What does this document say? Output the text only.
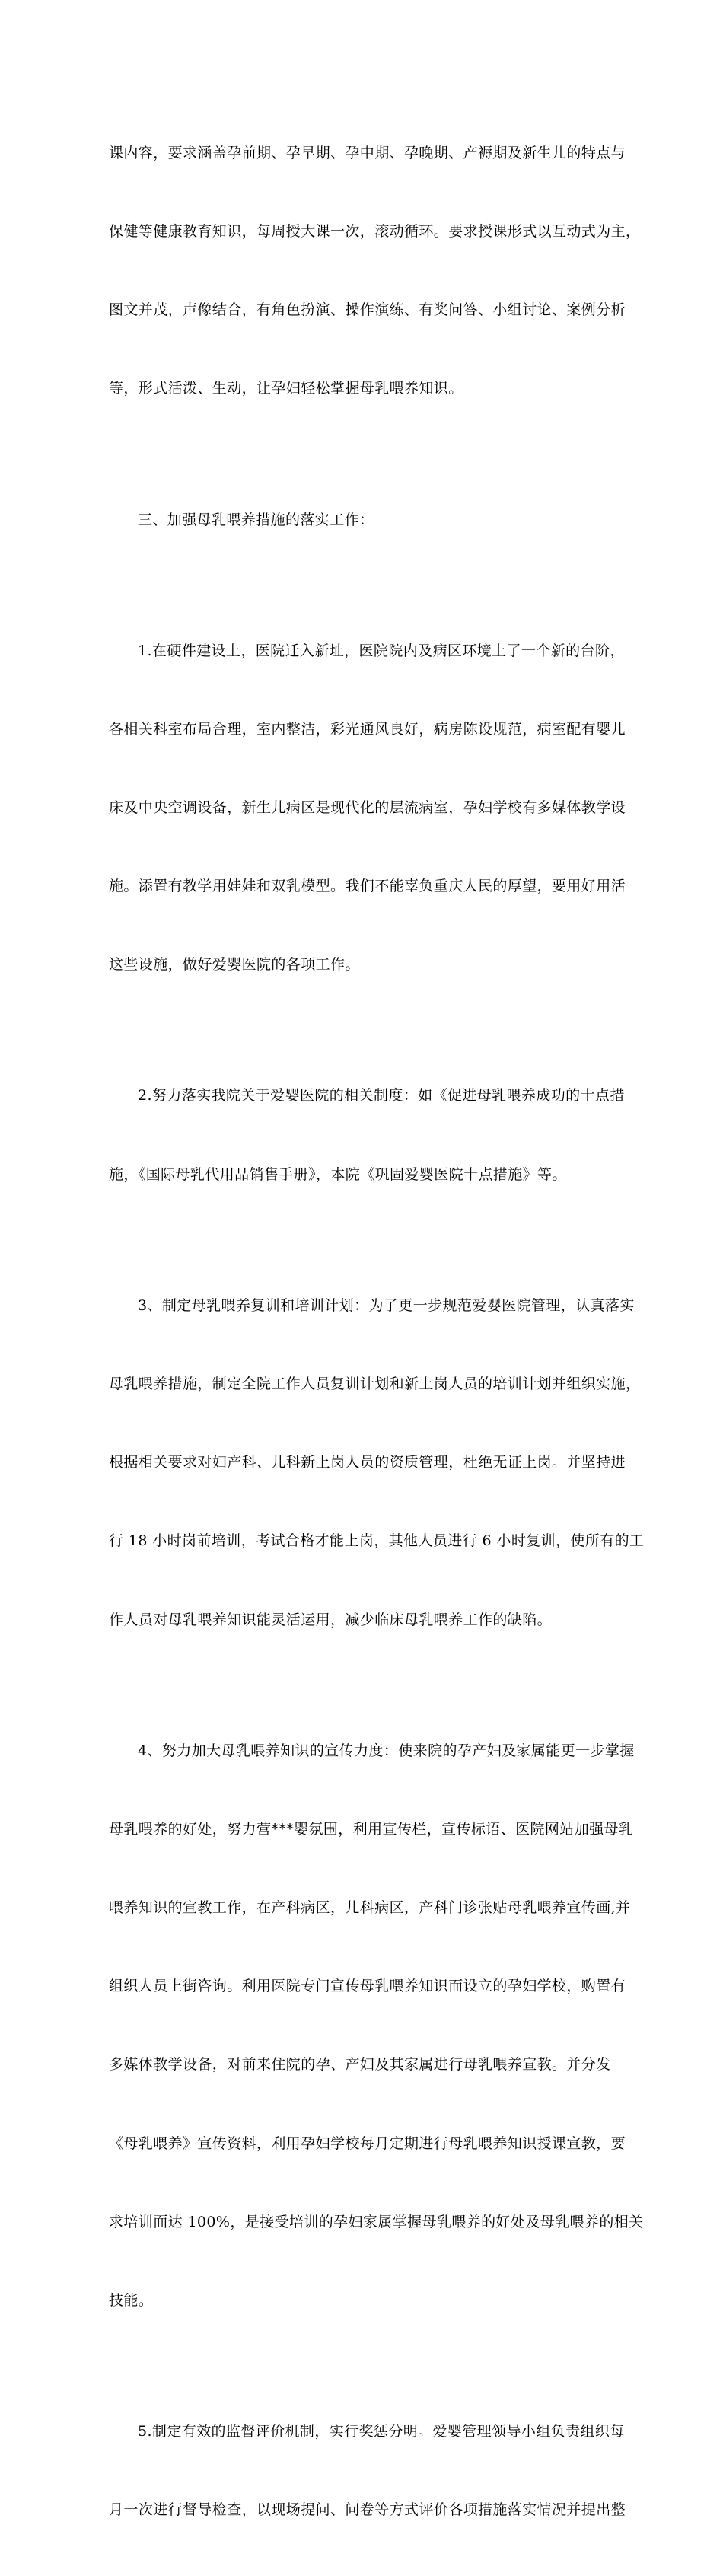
课内容，要求涵盖孕前期、孕早期、孕中期、孕晚期、产褥期及新生儿的特点与

保健等健康教育知识，每周授大课一次，滚动循环。要求授课形式以互动式为主，

图文并茂，声像结合，有角色扮演、操作演练、有奖问答、小组讨论、案例分析

等，形式活泼、生动，让孕妇轻松掌握母乳喂养知识。

三、加强母乳喂养措施的落实工作：

1.在硬件建设上，医院迁入新址，医院院内及病区环境上了一个新的台阶，

各相关科室布局合理，室内整洁，彩光通风良好，病房陈设规范，病室配有婴儿

床及中央空调设备，新生儿病区是现代化的层流病室，孕妇学校有多媒体教学设

施。添置有教学用娃娃和双乳模型。我们不能辜负重庆人民的厚望，要用好用活

这些设施，做好爱婴医院的各项工作。

2.努力落实我院关于爱婴医院的相关制度：如《促进母乳喂养成功的十点措

施，《国际母乳代用品销售手册》，本院《巩固爱婴医院十点措施》等。

3、制定母乳喂养复训和培训计划：为了更一步规范爱婴医院管理，认真落实

母乳喂养措施，制定全院工作人员复训计划和新上岗人员的培训计划并组织实施，

根据相关要求对妇产科、儿科新上岗人员的资质管理，杜绝无证上岗。并坚持进

行 18 小时岗前培训，考试合格才能上岗，其他人员进行 6 小时复训，使所有的工

作人员对母乳喂养知识能灵活运用，减少临床母乳喂养工作的缺陷。

4、努力加大母乳喂养知识的宣传力度：使来院的孕产妇及家属能更一步掌握

母乳喂养的好处，努力营***婴氛围，利用宣传栏，宣传标语、医院网站加强母乳

喂养知识的宣教工作，在产科病区，儿科病区，产科门诊张贴母乳喂养宣传画,并

组织人员上街咨询。利用医院专门宣传母乳喂养知识而设立的孕妇学校，购置有

多媒体教学设备，对前来住院的孕、产妇及其家属进行母乳喂养宣教。并分发

《母乳喂养》宣传资料，利用孕妇学校每月定期进行母乳喂养知识授课宣教，要

求培训面达 100%，是接受培训的孕妇家属掌握母乳喂养的好处及母乳喂养的相关

技能。

5.制定有效的监督评价机制，实行奖惩分明。爱婴管理领导小组负责组织每

月一次进行督导检查，以现场提问、问卷等方式评价各项措施落实情况并提出整
